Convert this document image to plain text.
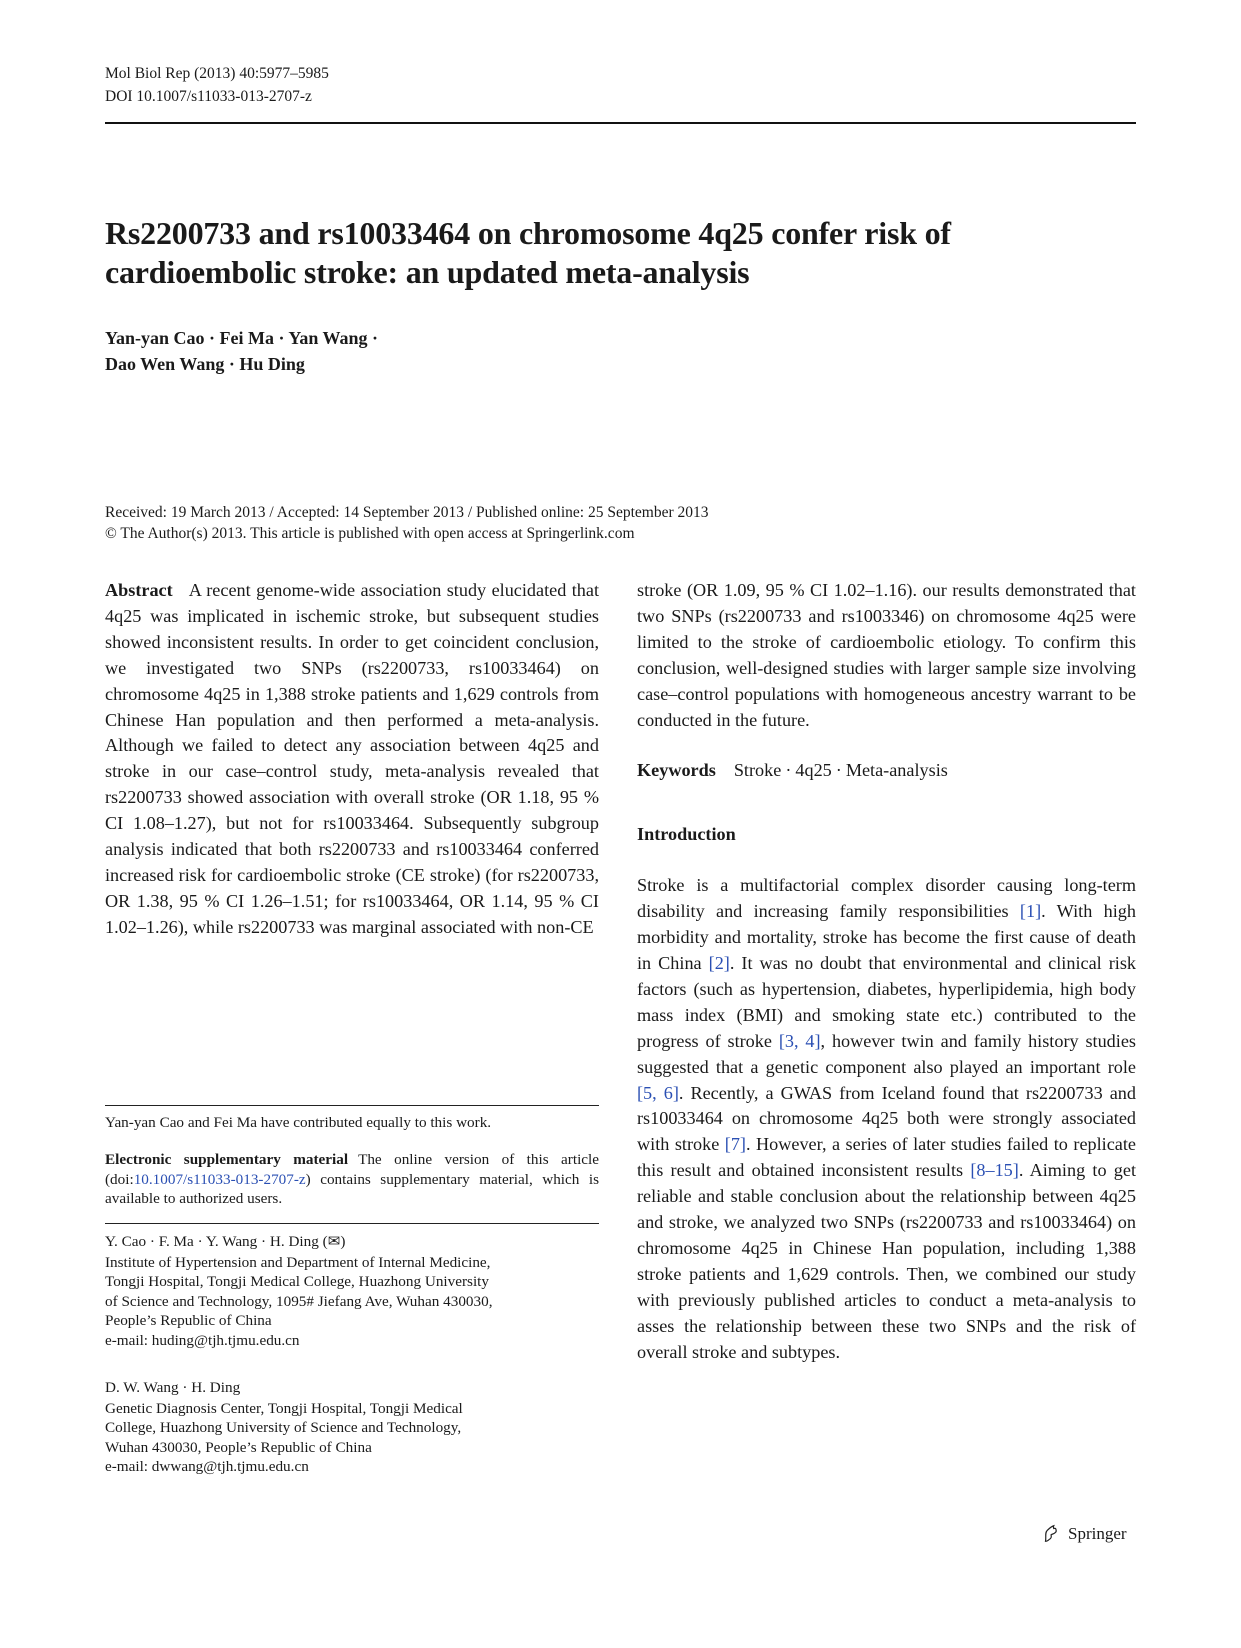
Mol Biol Rep (2013) 40:5977–5985
DOI 10.1007/s11033-013-2707-z
Rs2200733 and rs10033464 on chromosome 4q25 confer risk of cardioembolic stroke: an updated meta-analysis
Yan-yan Cao · Fei Ma · Yan Wang ·
Dao Wen Wang · Hu Ding
Received: 19 March 2013 / Accepted: 14 September 2013 / Published online: 25 September 2013
© The Author(s) 2013. This article is published with open access at Springerlink.com
Abstract A recent genome-wide association study elucidated that 4q25 was implicated in ischemic stroke, but subsequent studies showed inconsistent results. In order to get coincident conclusion, we investigated two SNPs (rs2200733, rs10033464) on chromosome 4q25 in 1,388 stroke patients and 1,629 controls from Chinese Han population and then performed a meta-analysis. Although we failed to detect any association between 4q25 and stroke in our case–control study, meta-analysis revealed that rs2200733 showed association with overall stroke (OR 1.18, 95 % CI 1.08–1.27), but not for rs10033464. Subsequently subgroup analysis indicated that both rs2200733 and rs10033464 conferred increased risk for cardioembolic stroke (CE stroke) (for rs2200733, OR 1.38, 95 % CI 1.26–1.51; for rs10033464, OR 1.14, 95 % CI 1.02–1.26), while rs2200733 was marginal associated with non-CE
stroke (OR 1.09, 95 % CI 1.02–1.16). our results demonstrated that two SNPs (rs2200733 and rs1003346) on chromosome 4q25 were limited to the stroke of cardioembolic etiology. To confirm this conclusion, well-designed studies with larger sample size involving case–control populations with homogeneous ancestry warrant to be conducted in the future.
Keywords Stroke · 4q25 · Meta-analysis
Introduction
Stroke is a multifactorial complex disorder causing long-term disability and increasing family responsibilities [1]. With high morbidity and mortality, stroke has become the first cause of death in China [2]. It was no doubt that environmental and clinical risk factors (such as hypertension, diabetes, hyperlipidemia, high body mass index (BMI) and smoking state etc.) contributed to the progress of stroke [3, 4], however twin and family history studies suggested that a genetic component also played an important role [5, 6]. Recently, a GWAS from Iceland found that rs2200733 and rs10033464 on chromosome 4q25 both were strongly associated with stroke [7]. However, a series of later studies failed to replicate this result and obtained inconsistent results [8–15]. Aiming to get reliable and stable conclusion about the relationship between 4q25 and stroke, we analyzed two SNPs (rs2200733 and rs10033464) on chromosome 4q25 in Chinese Han population, including 1,388 stroke patients and 1,629 controls. Then, we combined our study with previously published articles to conduct a meta-analysis to asses the relationship between these two SNPs and the risk of overall stroke and subtypes.
Yan-yan Cao and Fei Ma have contributed equally to this work.
Electronic supplementary material The online version of this article (doi:10.1007/s11033-013-2707-z) contains supplementary material, which is available to authorized users.
Y. Cao · F. Ma · Y. Wang · H. Ding (✉)
Institute of Hypertension and Department of Internal Medicine,
Tongji Hospital, Tongji Medical College, Huazhong University
of Science and Technology, 1095# Jiefang Ave, Wuhan 430030,
People’s Republic of China
e-mail: huding@tjh.tjmu.edu.cn
D. W. Wang · H. Ding
Genetic Diagnosis Center, Tongji Hospital, Tongji Medical
College, Huazhong University of Science and Technology,
Wuhan 430030, People’s Republic of China
e-mail: dwwang@tjh.tjmu.edu.cn
Springer
